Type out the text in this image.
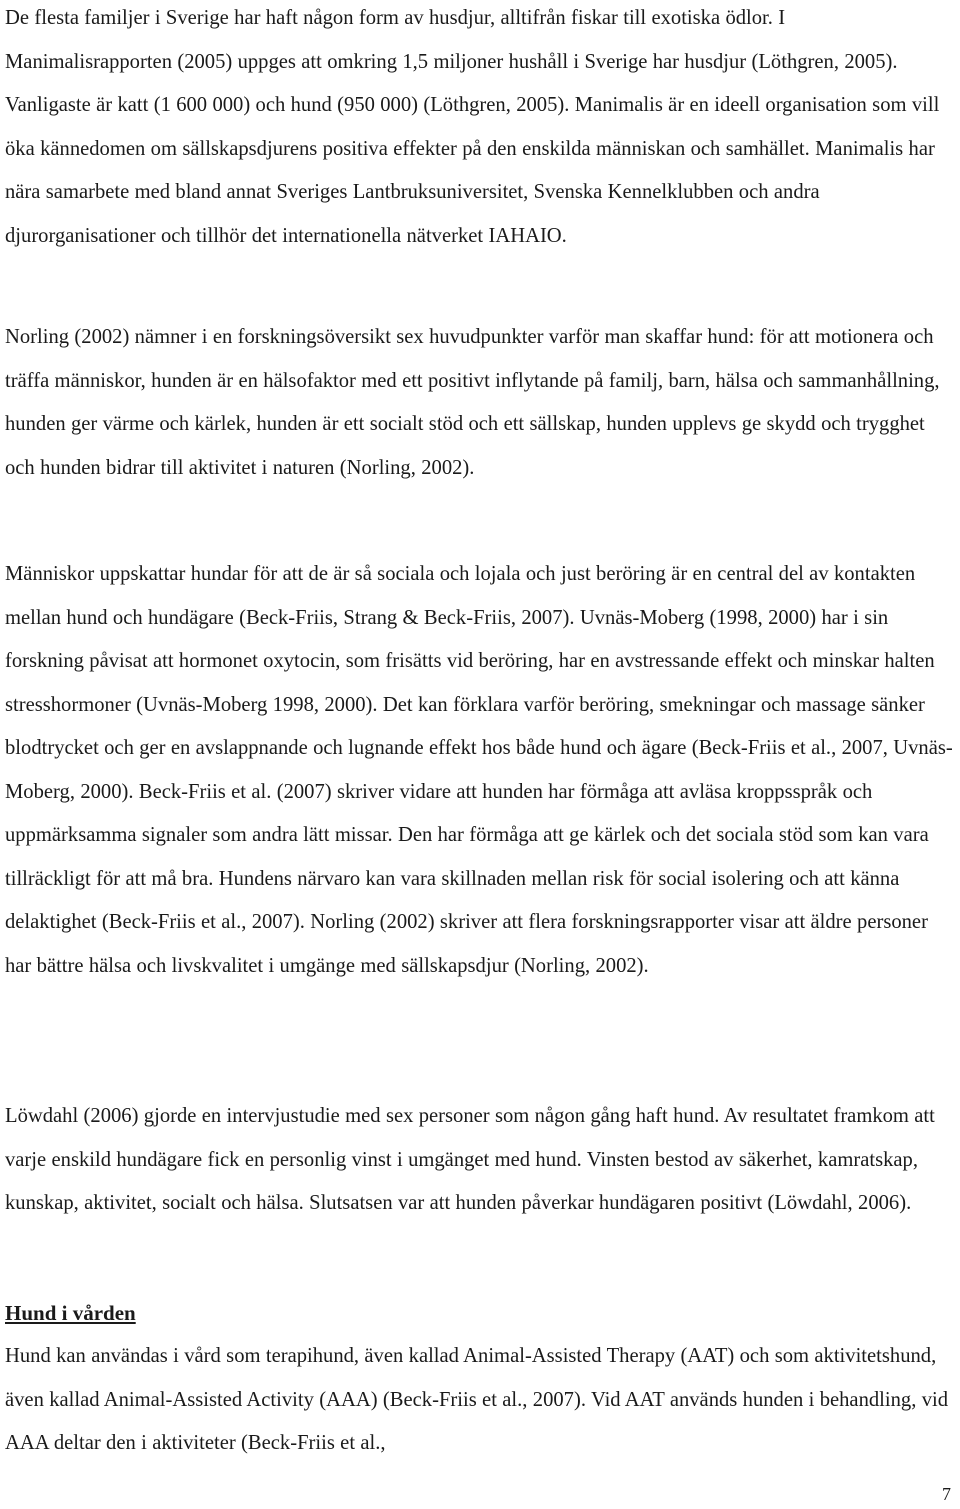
De flesta familjer i Sverige har haft någon form av husdjur, alltifrån fiskar till exotiska ödlor. I Manimalisrapporten (2005) uppges att omkring 1,5 miljoner hushåll i Sverige har husdjur (Löthgren, 2005). Vanligaste är katt (1 600 000) och hund (950 000) (Löthgren, 2005). Manimalis är en ideell organisation som vill öka kännedomen om sällskapsdjurens positiva effekter på den enskilda människan och samhället. Manimalis har nära samarbete med bland annat Sveriges Lantbruksuniversitet, Svenska Kennelklubben och andra djurorganisationer och tillhör det internationella nätverket IAHAIO.

Norling (2002) nämner i en forskningsöversikt sex huvudpunkter varför man skaffar hund: för att motionera och träffa människor, hunden är en hälsofaktor med ett positivt inflytande på familj, barn, hälsa och sammanhållning, hunden ger värme och kärlek, hunden är ett socialt stöd och ett sällskap, hunden upplevs ge skydd och trygghet och hunden bidrar till aktivitet i naturen (Norling, 2002).

Människor uppskattar hundar för att de är så sociala och lojala och just beröring är en central del av kontakten mellan hund och hundägare (Beck-Friis, Strang & Beck-Friis, 2007). Uvnäs-Moberg (1998, 2000) har i sin forskning påvisat att hormonet oxytocin, som frisätts vid beröring, har en avstressande effekt och minskar halten stresshormoner (Uvnäs-Moberg 1998, 2000). Det kan förklara varför beröring, smekningar och massage sänker blodtrycket och ger en avslappnande och lugnande effekt hos både hund och ägare (Beck-Friis et al., 2007, Uvnäs-Moberg, 2000). Beck-Friis et al. (2007) skriver vidare att hunden har förmåga att avläsa kroppsspråk och uppmärksamma signaler som andra lätt missar. Den har förmåga att ge kärlek och det sociala stöd som kan vara tillräckligt för att må bra. Hundens närvaro kan vara skillnaden mellan risk för social isolering och att känna delaktighet (Beck-Friis et al., 2007). Norling (2002) skriver att flera forskningsrapporter visar att äldre personer har bättre hälsa och livskvalitet i umgänge med sällskapsdjur (Norling, 2002).

Löwdahl (2006) gjorde en intervjustudie med sex personer som någon gång haft hund. Av resultatet framkom att varje enskild hundägare fick en personlig vinst i umgänget med hund. Vinsten bestod av säkerhet, kamratskap, kunskap, aktivitet, socialt och hälsa. Slutsatsen var att hunden påverkar hundägaren positivt (Löwdahl, 2006).

Hund i vården

Hund kan användas i vård som terapihund, även kallad Animal-Assisted Therapy (AAT) och som aktivitetshund, även kallad Animal-Assisted Activity (AAA) (Beck-Friis et al., 2007). Vid AAT används hunden i behandling, vid AAA deltar den i aktiviteter (Beck-Friis et al.,

7
